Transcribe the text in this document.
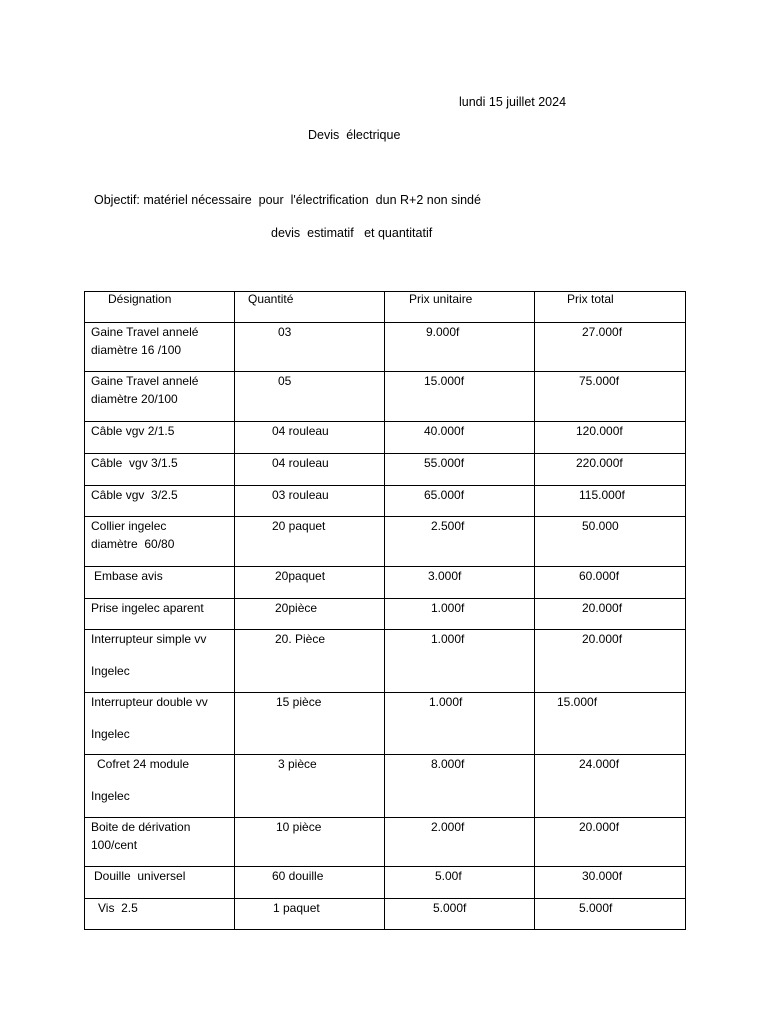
lundi 15 juillet 2024
Devis  électrique
Objectif: matériel nécessaire  pour  l'électrification  dun R+2 non sindé
devis  estimatif   et quantitatif
Désignation	Quantité	Prix unitaire	Prix total

Gaine Travel annelé
diamètre 16 /100	03	9.000f	27.000f

Gaine Travel annelé
diamètre 20/100	05	15.000f	75.000f

Câble vgv 2/1.5	04 rouleau	40.000f	120.000f

Câble  vgv 3/1.5	04 rouleau	55.000f	220.000f

Câble vgv  3/2.5	03 rouleau	65.000f	115.000f

Collier ingelec
diamètre  60/80	20 paquet	2.500f	50.000

Embase avis	20paquet	3.000f	60.000f

Prise ingelec aparent	20pièce	1.000f	20.000f

Interrupteur simple vv
Ingelec	20. Pièce	1.000f	20.000f

Interrupteur double vv
Ingelec	15 pièce	1.000f	15.000f

Cofret 24 module
Ingelec	3 pièce	8.000f	24.000f

Boite de dérivation
100/cent	10 pièce	2.000f	20.000f

Douille  universel	60 douille	5.00f	30.000f

Vis  2.5	1 paquet	5.000f	5.000f
